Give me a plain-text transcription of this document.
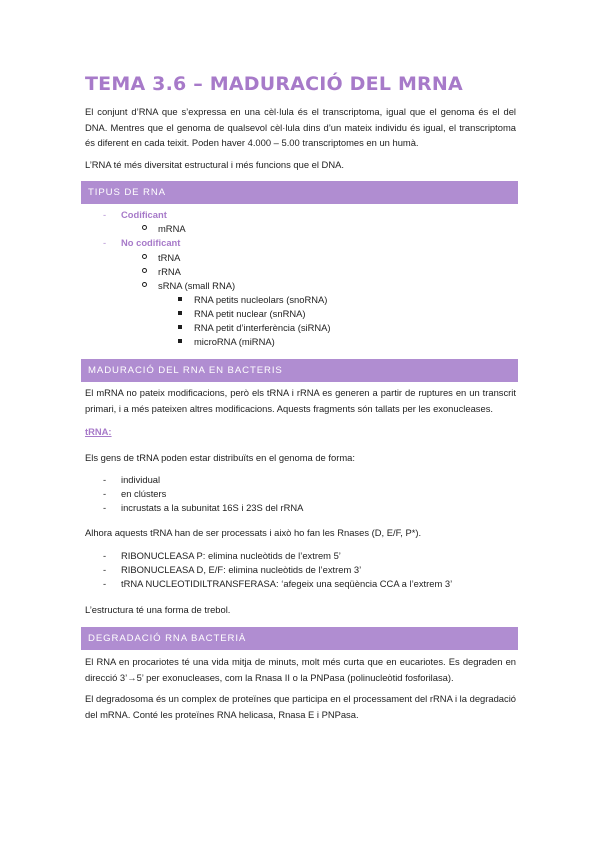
TEMA 3.6 – MADURACIÓ DEL MRNA
El conjunt d’RNA que s’expressa en una cèl·lula és el transcriptoma, igual que el genoma és el del DNA. Mentres que el genoma de qualsevol cèl·lula dins d’un mateix individu és igual, el transcriptoma és diferent en cada teixit. Poden haver 4.000 – 5.00 transcriptomes en un humà.
L’RNA té més diversitat estructural i més funcions que el DNA.
TIPUS DE RNA
- Codificant
mRNA
- No codificant
tRNA
rRNA
sRNA (small RNA)
RNA petits nucleolars (snoRNA)
RNA petit nuclear (snRNA)
RNA petit d’interferència (siRNA)
microRNA (miRNA)
MADURACIÓ DEL RNA EN BACTERIS
El mRNA no pateix modificacions, però els tRNA i rRNA es generen a partir de ruptures en un transcrit primari, i a més pateixen altres modificacions. Aquests fragments són tallats per les exonucleases.
tRNA:
Els gens de tRNA poden estar distribuïts en el genoma de forma:
- individual
- en clústers
- incrustats a la subunitat 16S i 23S del rRNA
Alhora aquests tRNA han de ser processats i això ho fan les Rnases (D, E/F, P*).
- RIBONUCLEASA P: elimina nucleòtids de l’extrem 5’
- RIBONUCLEASA D, E/F: elimina nucleòtids de l’extrem 3’
- tRNA NUCLEOTIDILTRANSFERASA: ‘afegeix una seqüència CCA a l’extrem 3’
L’estructura té una forma de trebol.
DEGRADACIÓ RNA BACTERIÀ
El RNA en procariotes té una vida mitja de minuts, molt més curta que en eucariotes. Es degraden en direcció 3’→5’ per exonucleases, com la Rnasa II o la PNPasa (polinucleòtid fosforilasa).
El degradosoma és un complex de proteïnes que participa en el processament del rRNA i la degradació del mRNA. Conté les proteïnes RNA helicasa, Rnasa E i PNPasa.
